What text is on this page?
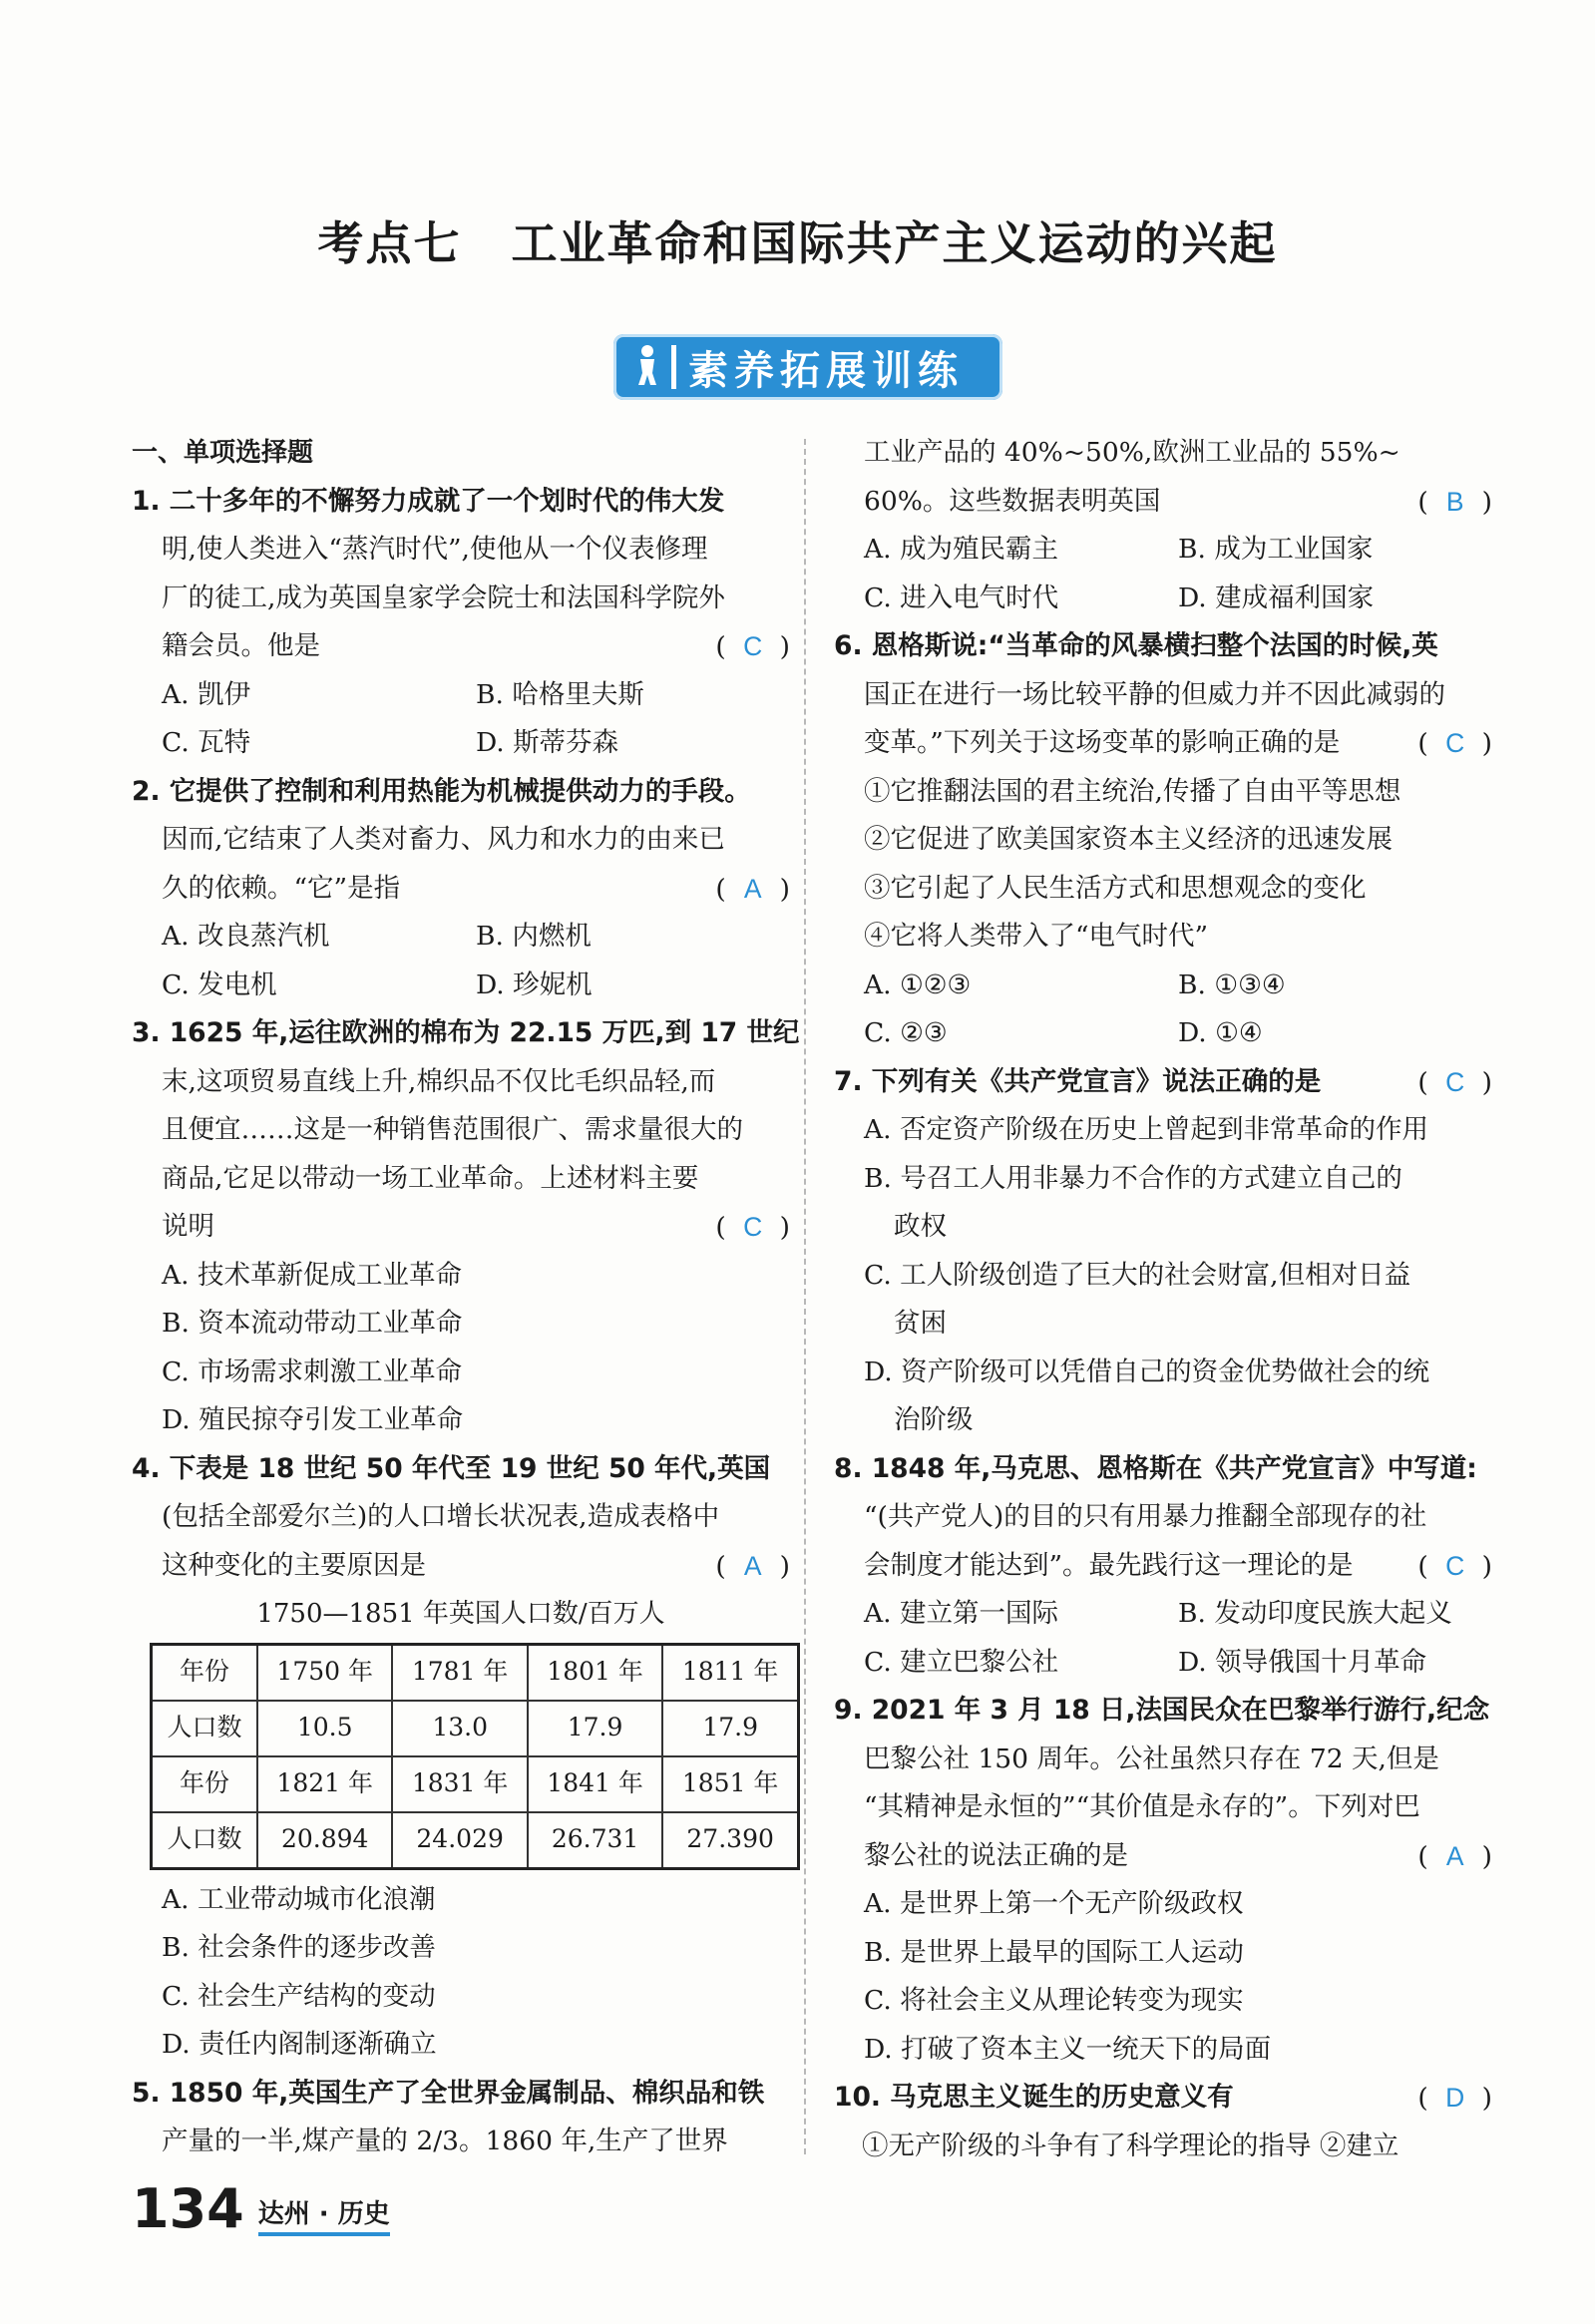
考点七 工业革命和国际共产主义运动的兴起
素养拓展训练
一、单项选择题
1. 二十多年的不懈努力成就了一个划时代的伟大发
明,使人类进入“蒸汽时代”,使他从一个仪表修理
厂的徒工,成为英国皇家学会院士和法国科学院外
籍会员。他是	( C )
A. 凯伊	B. 哈格里夫斯
C. 瓦特	D. 斯蒂芬森
2. 它提供了控制和利用热能为机械提供动力的手段。
因而,它结束了人类对畜力、风力和水力的由来已
久的依赖。“它”是指	( A )
A. 改良蒸汽机	B. 内燃机
C. 发电机	D. 珍妮机
3. 1625 年,运往欧洲的棉布为 22.15 万匹,到 17 世纪
末,这项贸易直线上升,棉织品不仅比毛织品轻,而
且便宜……这是一种销售范围很广、需求量很大的
商品,它足以带动一场工业革命。上述材料主要
说明	( C )
A. 技术革新促成工业革命
B. 资本流动带动工业革命
C. 市场需求刺激工业革命
D. 殖民掠夺引发工业革命
4. 下表是 18 世纪 50 年代至 19 世纪 50 年代,英国
(包括全部爱尔兰)的人口增长状况表,造成表格中
这种变化的主要原因是	( A )
1750—1851 年英国人口数/百万人
年份	1750 年	1781 年	1801 年	1811 年
人口数	10.5	13.0	17.9	17.9
年份	1821 年	1831 年	1841 年	1851 年
人口数	20.894	24.029	26.731	27.390
A. 工业带动城市化浪潮
B. 社会条件的逐步改善
C. 社会生产结构的变动
D. 责任内阁制逐渐确立
5. 1850 年,英国生产了全世界金属制品、棉织品和铁
产量的一半,煤产量的 2/3。1860 年,生产了世界
工业产品的 40%~50%,欧洲工业品的 55%~
60%。这些数据表明英国	( B )
A. 成为殖民霸主	B. 成为工业国家
C. 进入电气时代	D. 建成福利国家
6. 恩格斯说:“当革命的风暴横扫整个法国的时候,英
国正在进行一场比较平静的但威力并不因此减弱的
变革。”下列关于这场变革的影响正确的是	( C )
①它推翻法国的君主统治,传播了自由平等思想
②它促进了欧美国家资本主义经济的迅速发展
③它引起了人民生活方式和思想观念的变化
④它将人类带入了“电气时代”
A. ①②③	B. ①③④
C. ②③	D. ①④
7. 下列有关《共产党宣言》说法正确的是	( C )
A. 否定资产阶级在历史上曾起到非常革命的作用
B. 号召工人用非暴力不合作的方式建立自己的
政权
C. 工人阶级创造了巨大的社会财富,但相对日益
贫困
D. 资产阶级可以凭借自己的资金优势做社会的统
治阶级
8. 1848 年,马克思、恩格斯在《共产党宣言》中写道:
“(共产党人)的目的只有用暴力推翻全部现存的社
会制度才能达到”。最先践行这一理论的是 ( C )
A. 建立第一国际	B. 发动印度民族大起义
C. 建立巴黎公社	D. 领导俄国十月革命
9. 2021 年 3 月 18 日,法国民众在巴黎举行游行,纪念
巴黎公社 150 周年。公社虽然只存在 72 天,但是
“其精神是永恒的”“其价值是永存的”。下列对巴
黎公社的说法正确的是	( A )
A. 是世界上第一个无产阶级政权
B. 是世界上最早的国际工人运动
C. 将社会主义从理论转变为现实
D. 打破了资本主义一统天下的局面
10. 马克思主义诞生的历史意义有	( D )
①无产阶级的斗争有了科学理论的指导 ②建立
134 达州 · 历史
